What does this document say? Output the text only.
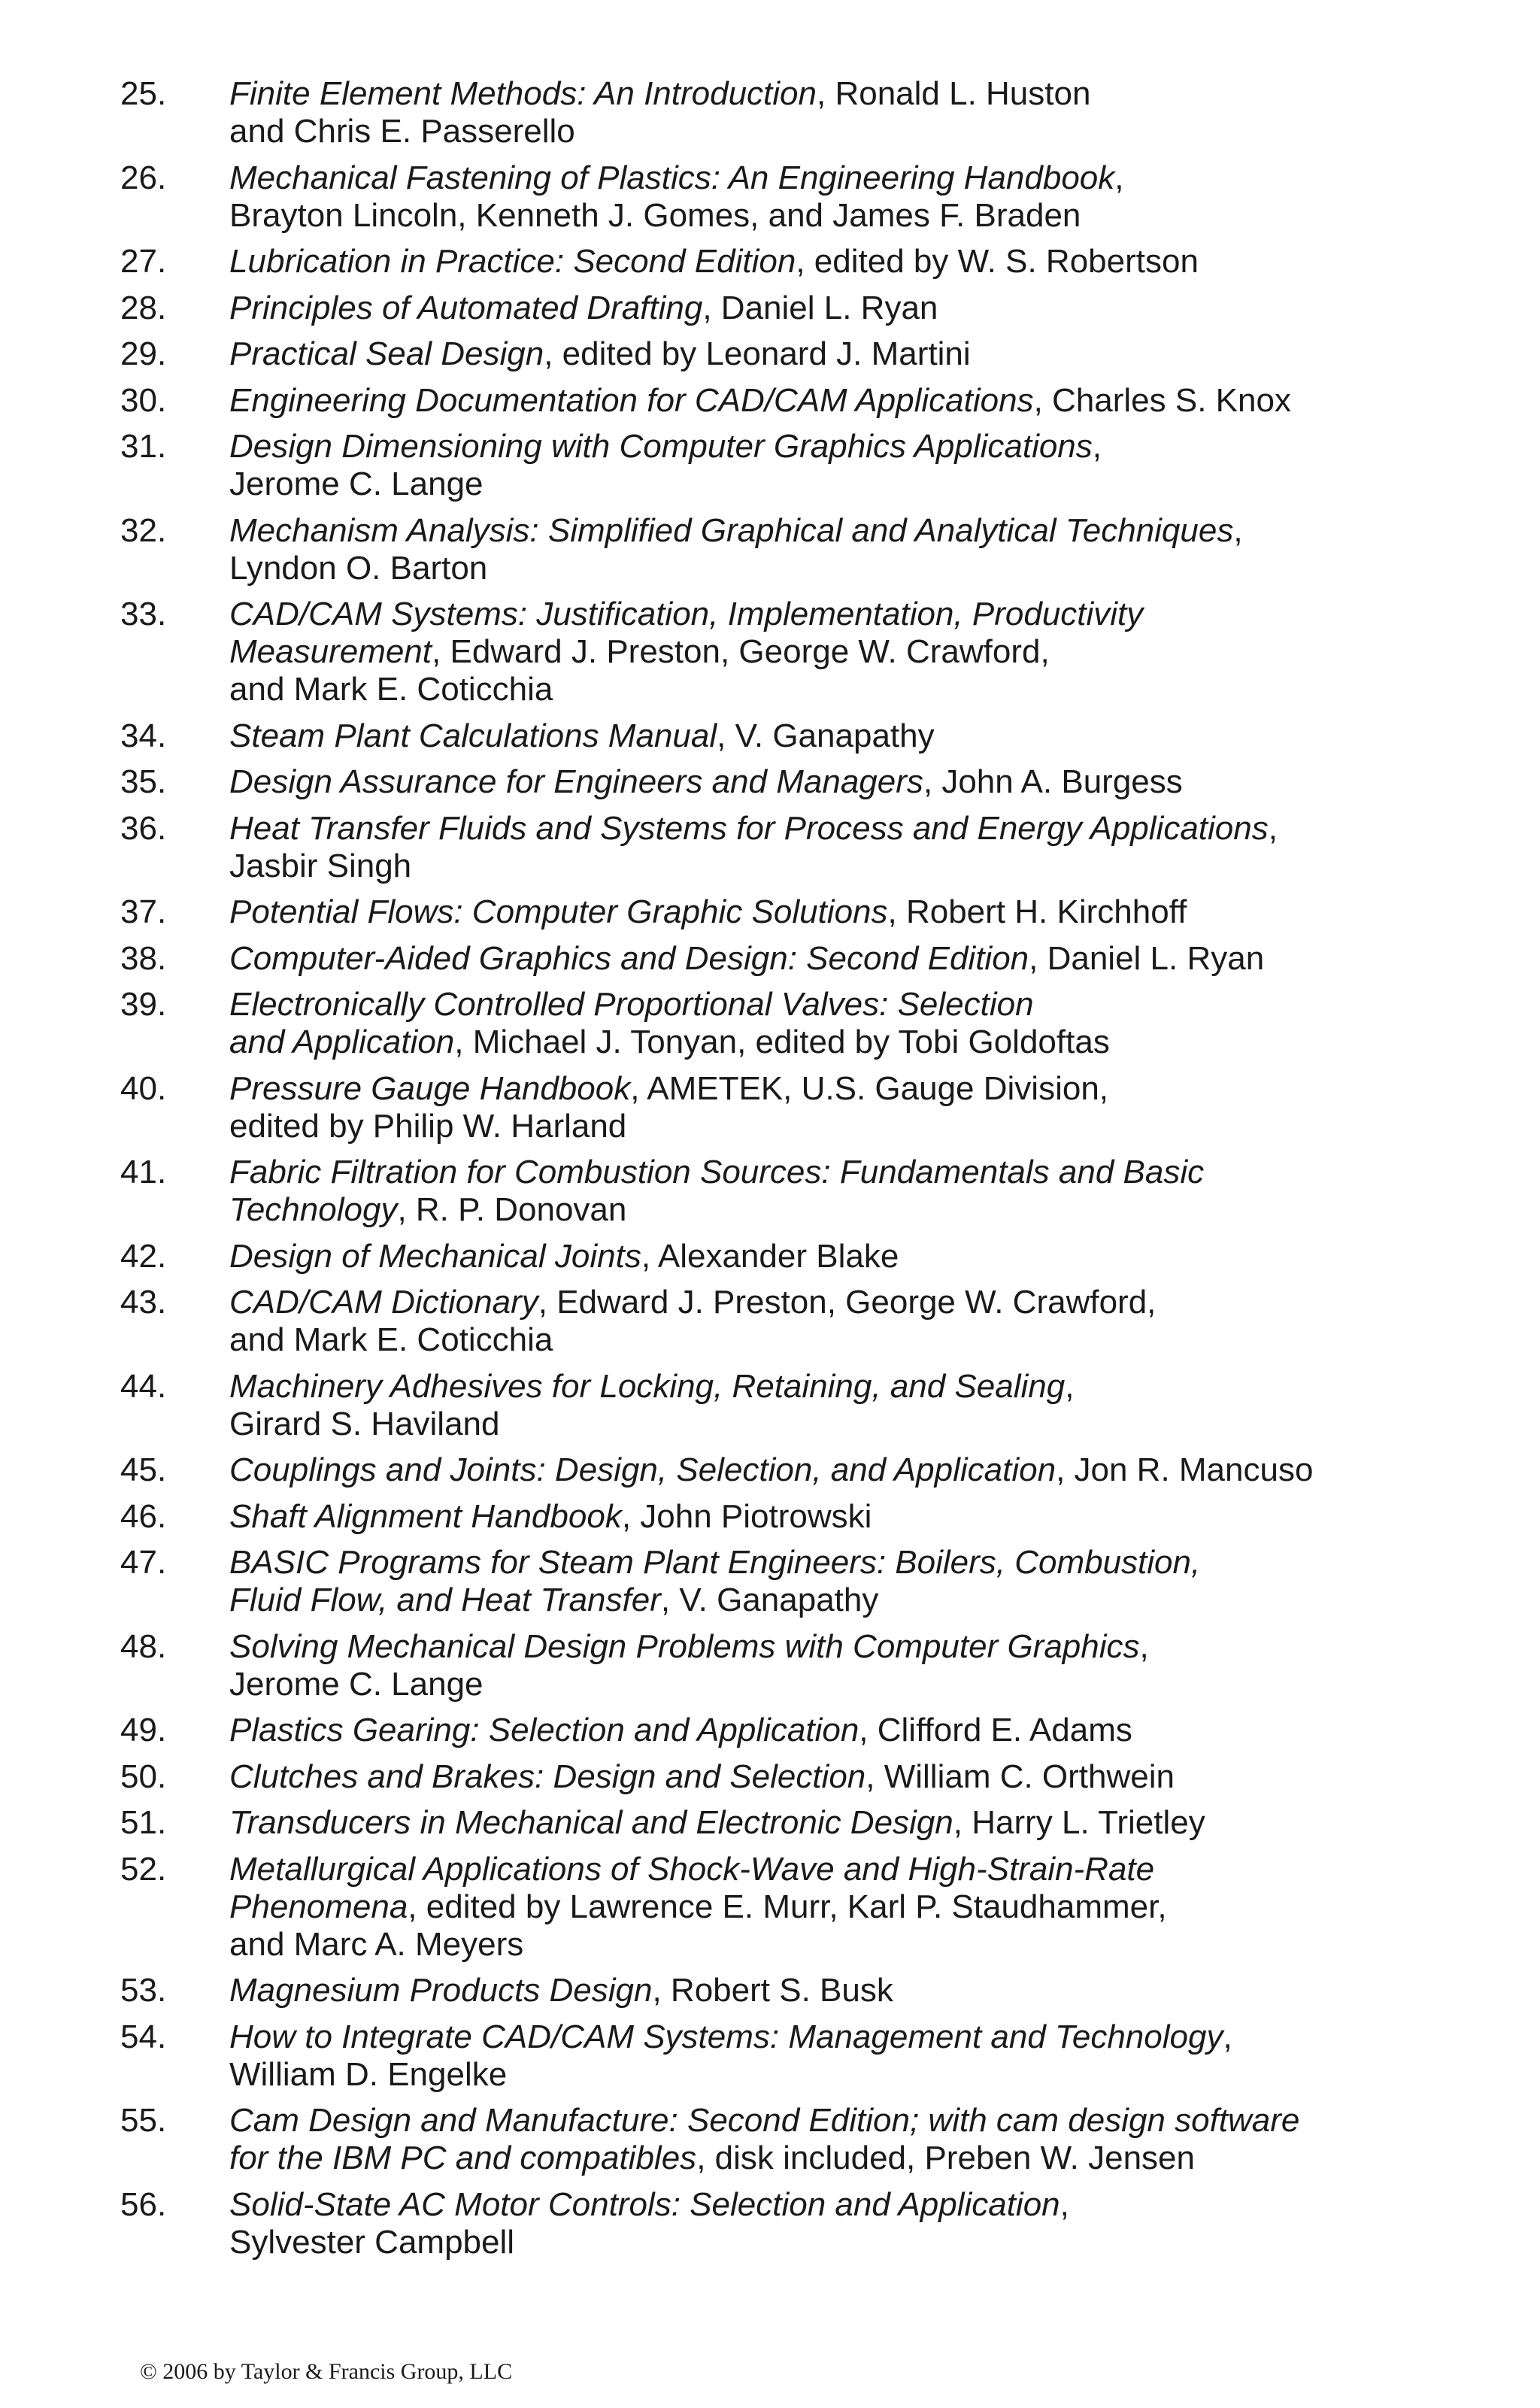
25.	Finite Element Methods: An Introduction, Ronald L. Huston
and Chris E. Passerello
26.	Mechanical Fastening of Plastics: An Engineering Handbook,
Brayton Lincoln, Kenneth J. Gomes, and James F. Braden
27.	Lubrication in Practice: Second Edition, edited by W. S. Robertson
28.	Principles of Automated Drafting, Daniel L. Ryan
29.	Practical Seal Design, edited by Leonard J. Martini
30.	Engineering Documentation for CAD/CAM Applications, Charles S. Knox
31.	Design Dimensioning with Computer Graphics Applications,
Jerome C. Lange
32.	Mechanism Analysis: Simplified Graphical and Analytical Techniques,
Lyndon O. Barton
33.	CAD/CAM Systems: Justification, Implementation, Productivity
Measurement, Edward J. Preston, George W. Crawford,
and Mark E. Coticchia
34.	Steam Plant Calculations Manual, V. Ganapathy
35.	Design Assurance for Engineers and Managers, John A. Burgess
36.	Heat Transfer Fluids and Systems for Process and Energy Applications,
Jasbir Singh
37.	Potential Flows: Computer Graphic Solutions, Robert H. Kirchhoff
38.	Computer-Aided Graphics and Design: Second Edition, Daniel L. Ryan
39.	Electronically Controlled Proportional Valves: Selection
and Application, Michael J. Tonyan, edited by Tobi Goldoftas
40.	Pressure Gauge Handbook, AMETEK, U.S. Gauge Division,
edited by Philip W. Harland
41.	Fabric Filtration for Combustion Sources: Fundamentals and Basic
Technology, R. P. Donovan
42.	Design of Mechanical Joints, Alexander Blake
43.	CAD/CAM Dictionary, Edward J. Preston, George W. Crawford,
and Mark E. Coticchia
44.	Machinery Adhesives for Locking, Retaining, and Sealing,
Girard S. Haviland
45.	Couplings and Joints: Design, Selection, and Application, Jon R. Mancuso
46.	Shaft Alignment Handbook, John Piotrowski
47.	BASIC Programs for Steam Plant Engineers: Boilers, Combustion,
Fluid Flow, and Heat Transfer, V. Ganapathy
48.	Solving Mechanical Design Problems with Computer Graphics,
Jerome C. Lange
49.	Plastics Gearing: Selection and Application, Clifford E. Adams
50.	Clutches and Brakes: Design and Selection, William C. Orthwein
51.	Transducers in Mechanical and Electronic Design, Harry L. Trietley
52.	Metallurgical Applications of Shock-Wave and High-Strain-Rate
Phenomena, edited by Lawrence E. Murr, Karl P. Staudhammer,
and Marc A. Meyers
53.	Magnesium Products Design, Robert S. Busk
54.	How to Integrate CAD/CAM Systems: Management and Technology,
William D. Engelke
55.	Cam Design and Manufacture: Second Edition; with cam design software
for the IBM PC and compatibles, disk included, Preben W. Jensen
56.	Solid-State AC Motor Controls: Selection and Application,
Sylvester Campbell
© 2006 by Taylor & Francis Group, LLC
